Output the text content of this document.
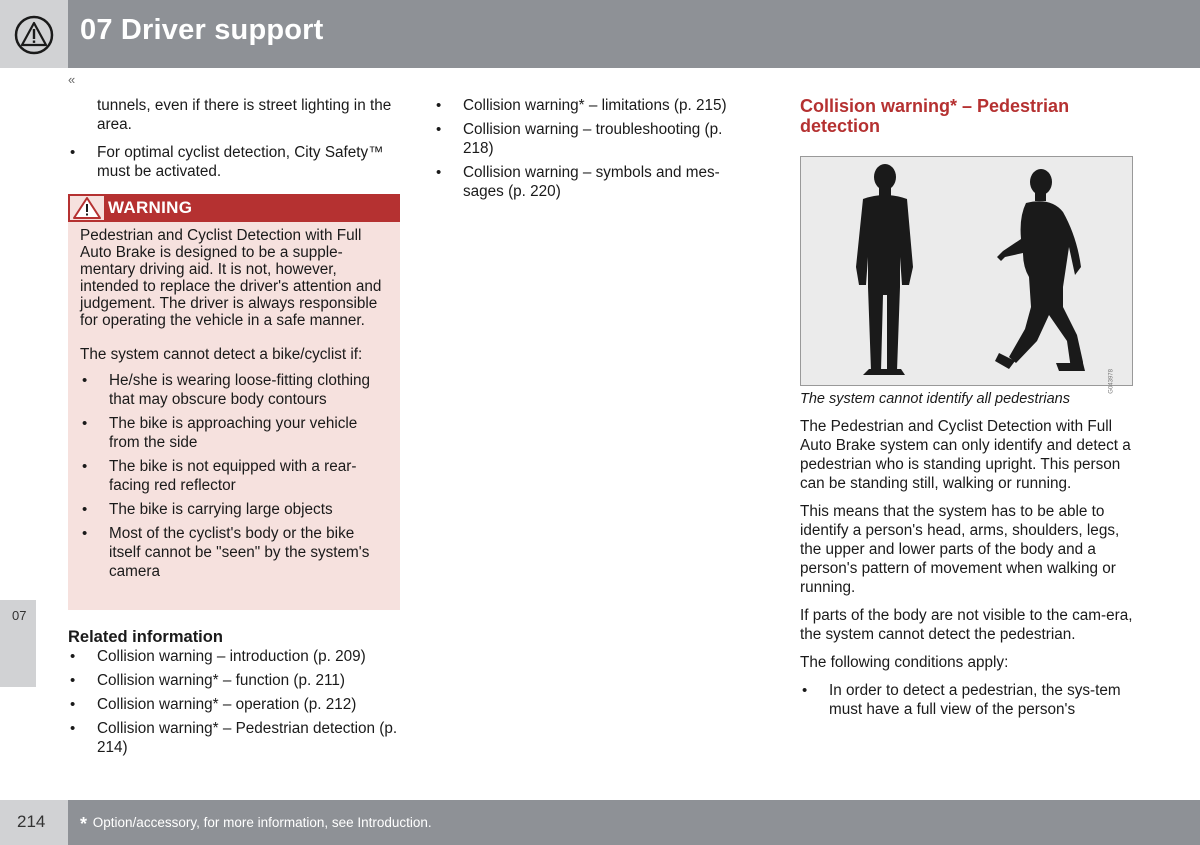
07 Driver support
«
07
tunnels, even if there is street lighting in the area.
• For optimal cyclist detection, City Safety™ must be activated.
WARNING
Pedestrian and Cyclist Detection with Full Auto Brake is designed to be a supple-mentary driving aid. It is not, however, intended to replace the driver's attention and judgement. The driver is always responsible for operating the vehicle in a safe manner.
The system cannot detect a bike/cyclist if:
• He/she is wearing loose-fitting clothing that may obscure body contours
• The bike is approaching your vehicle from the side
• The bike is not equipped with a rear-facing red reflector
• The bike is carrying large objects
• Most of the cyclist's body or the bike itself cannot be "seen" by the system's camera
Related information
• Collision warning – introduction (p. 209)
• Collision warning* – function (p. 211)
• Collision warning* – operation (p. 212)
• Collision warning* – Pedestrian detection (p. 214)
• Collision warning* – limitations (p. 215)
• Collision warning – troubleshooting (p. 218)
• Collision warning – symbols and mes-sages (p. 220)
Collision warning* – Pedestrian detection
G043978
The system cannot identify all pedestrians
The Pedestrian and Cyclist Detection with Full Auto Brake system can only identify and detect a pedestrian who is standing upright. This person can be standing still, walking or running.
This means that the system has to be able to identify a person's head, arms, shoulders, legs, the upper and lower parts of the body and a person's pattern of movement when walking or running.
If parts of the body are not visible to the cam-era, the system cannot detect the pedestrian.
The following conditions apply:
• In order to detect a pedestrian, the sys-tem must have a full view of the person's
214 * Option/accessory, for more information, see Introduction.
